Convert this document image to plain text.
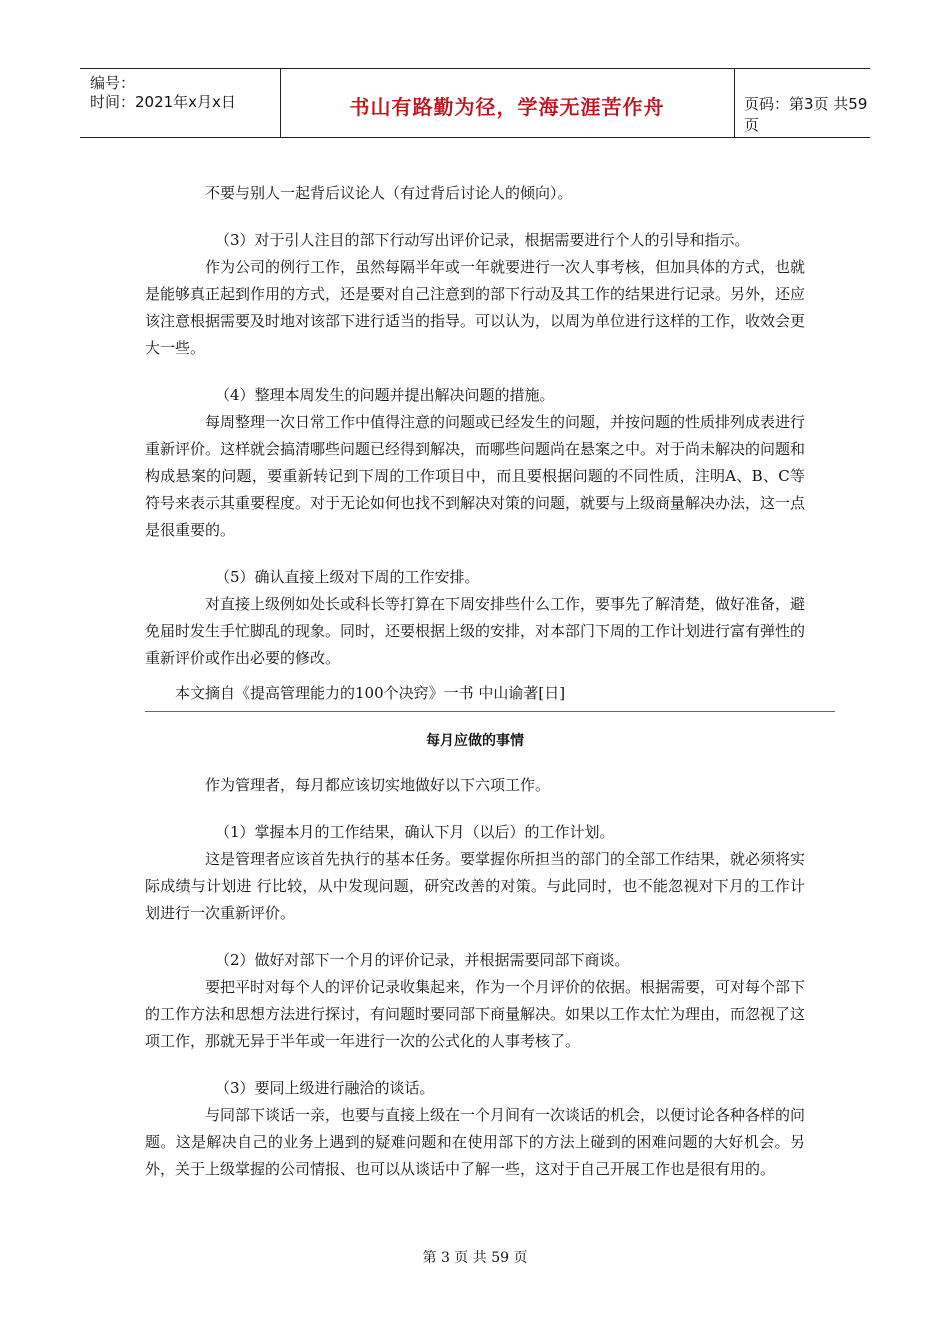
编号：
时间：2021年x月x日	书山有路勤为径，学海无涯苦作舟	页码：第3页 共59页

不要与别人一起背后议论人（有过背后讨论人的倾向）。

（3）对于引人注目的部下行动写出评价记录，根据需要进行个人的引导和指示。

作为公司的例行工作，虽然每隔半年或一年就要进行一次人事考核，但加具体的方式，也就是能够真正起到作用的方式，还是要对自己注意到的部下行动及其工作的结果进行记录。另外，还应该注意根据需要及时地对该部下进行适当的指导。可以认为，以周为单位进行这样的工作，收效会更大一些。

（4）整理本周发生的问题并提出解决问题的措施。

每周整理一次日常工作中值得注意的问题或已经发生的问题，并按问题的性质排列成表进行重新评价。这样就会搞清哪些问题已经得到解决，而哪些问题尚在悬案之中。对于尚未解决的问题和构成悬案的问题，要重新转记到下周的工作项目中，而且要根据问题的不同性质，注明A、B、C等符号来表示其重要程度。对于无论如何也找不到解决对策的问题，就要与上级商量解决办法，这一点是很重要的。

（5）确认直接上级对下周的工作安排。

对直接上级例如处长或科长等打算在下周安排些什么工作，要事先了解清楚，做好准备，避免届时发生手忙脚乱的现象。同时，还要根据上级的安排，对本部门下周的工作计划进行富有弹性的重新评价或作出必要的修改。

本文摘自《提高管理能力的100个决窍》一书 中山谕著[日]
每月应做的事情

作为管理者，每月都应该切实地做好以下六项工作。

（1）掌握本月的工作结果，确认下月（以后）的工作计划。

这是管理者应该首先执行的基本任务。要掌握你所担当的部门的全部工作结果，就必须将实际成绩与计划进 行比较，从中发现问题，研究改善的对策。与此同时，也不能忽视对下月的工作计划进行一次重新评价。

（2）做好对部下一个月的评价记录，并根据需要同部下商谈。

要把平时对每个人的评价记录收集起来，作为一个月评价的依据。根据需要，可对每个部下的工作方法和思想方法进行探讨，有问题时要同部下商量解决。如果以工作太忙为理由，而忽视了这项工作，那就无异于半年或一年进行一次的公式化的人事考核了。

（3）要同上级进行融洽的谈话。

与同部下谈话一亲，也要与直接上级在一个月间有一次谈话的机会，以便讨论各种各样的问题。这是解决自己的业务上遇到的疑难问题和在使用部下的方法上碰到的困难问题的大好机会。另外，关于上级掌握的公司情报、也可以从谈话中了解一些，这对于自己开展工作也是很有用的。

第 3 页 共 59 页
